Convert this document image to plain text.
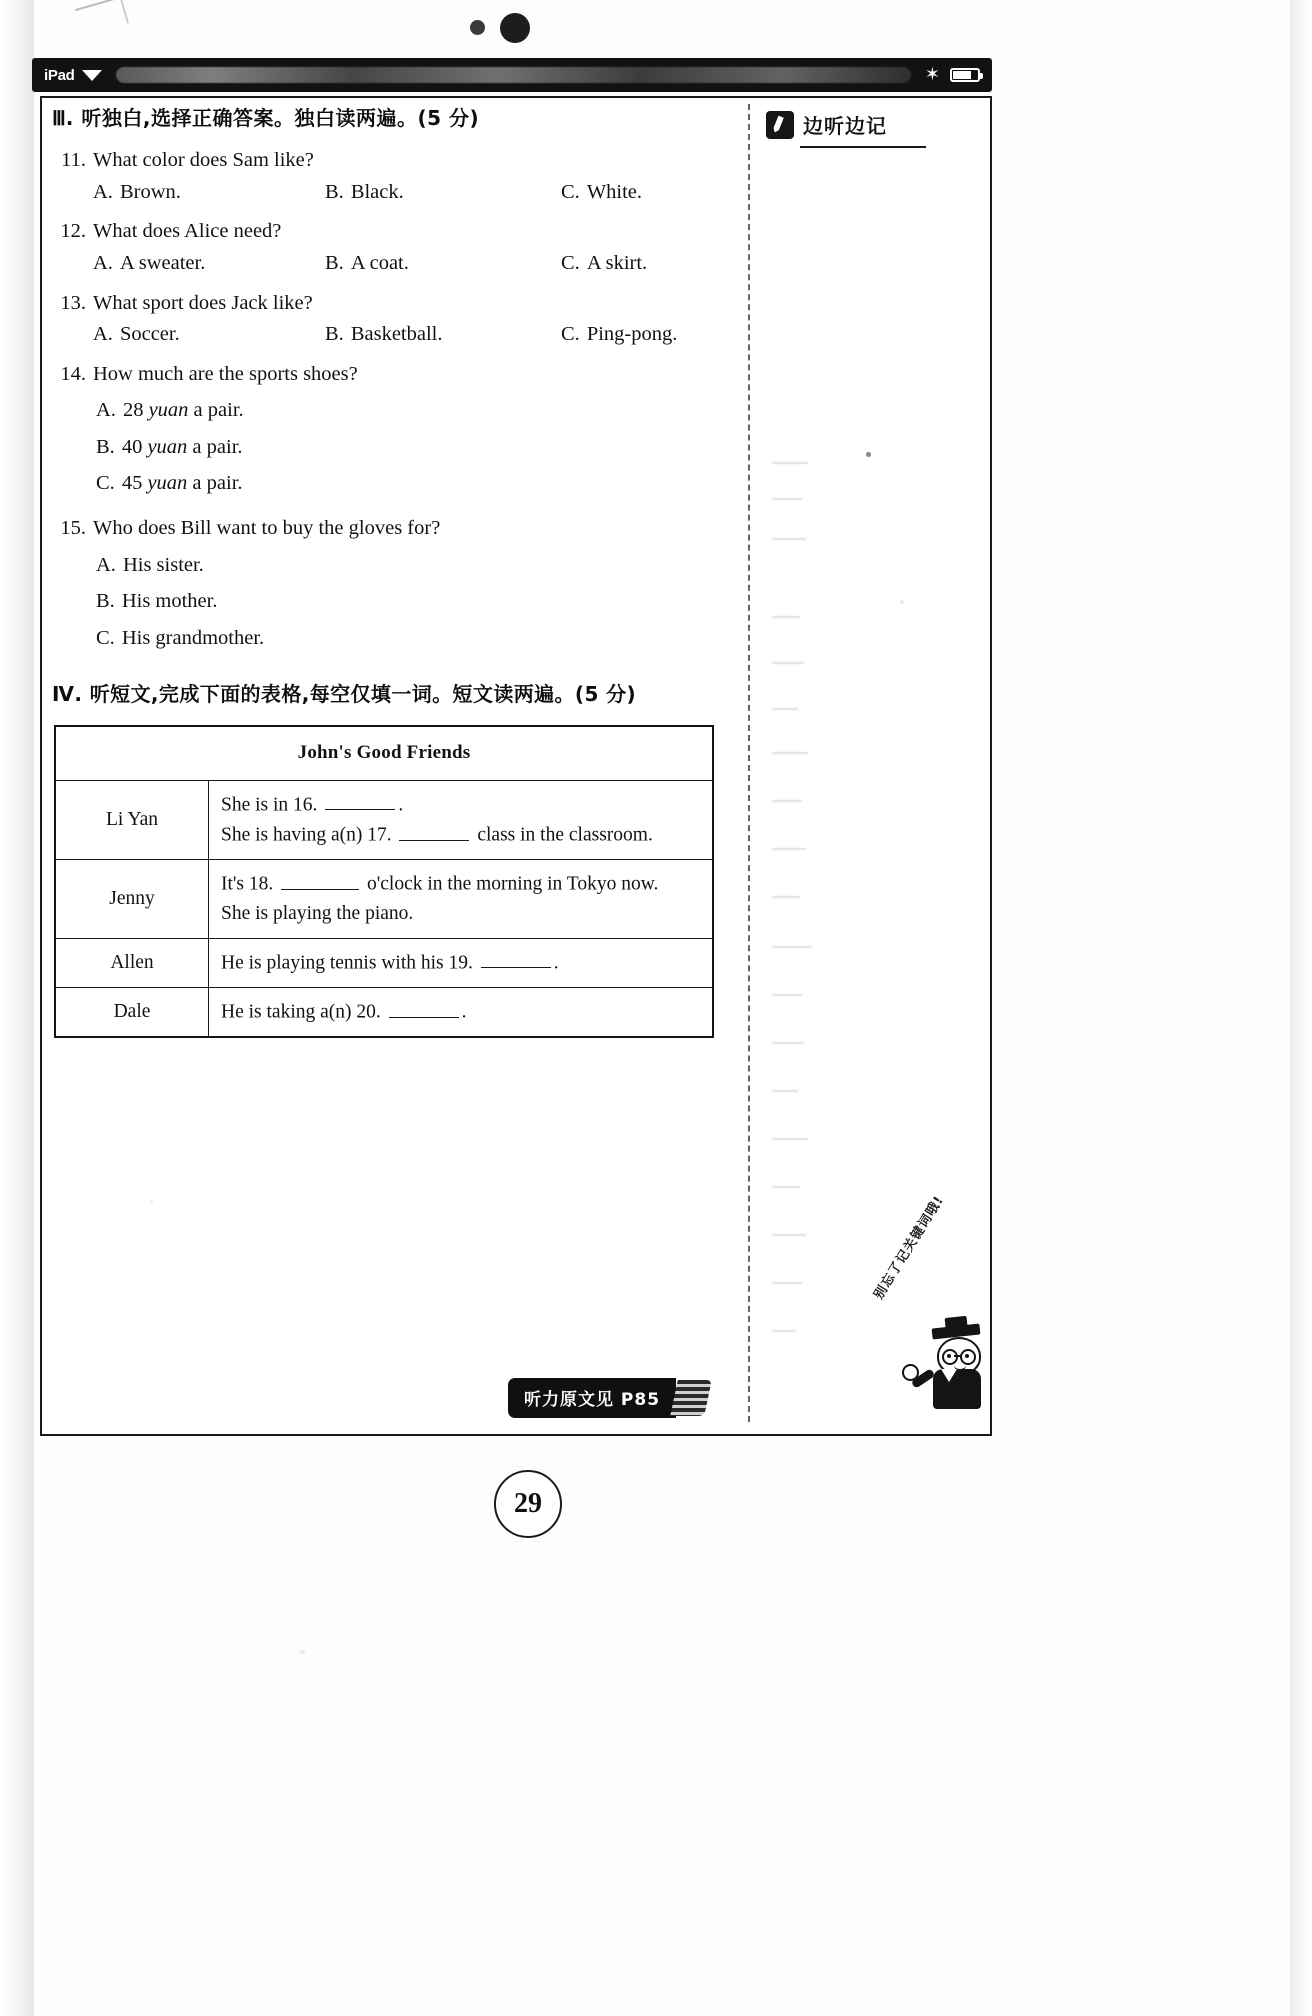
iPad	✶
Ⅲ. 听独白,选择正确答案。独白读两遍。(5 分)
11. What color does Sam like?
A. Brown.	B. Black.	C. White.
12. What does Alice need?
A. A sweater.	B. A coat.	C. A skirt.
13. What sport does Jack like?
A. Soccer.	B. Basketball.	C. Ping-pong.
14. How much are the sports shoes?
A. 28 yuan a pair.
B. 40 yuan a pair.
C. 45 yuan a pair.
15. Who does Bill want to buy the gloves for?
A. His sister.
B. His mother.
C. His grandmother.
Ⅳ. 听短文,完成下面的表格,每空仅填一词。短文读两遍。(5 分)
John's Good Friends	
Li Yan	She is in 16. .
She is having a(n) 17. class in the classroom.

Jenny	It's 18. o'clock in the morning in Tokyo now.
She is playing the piano.

Allen	He is playing tennis with his 19. .

Dale	He is taking a(n) 20. .
听力原文见 P85
边听边记
别忘了记关键词哦!
29
